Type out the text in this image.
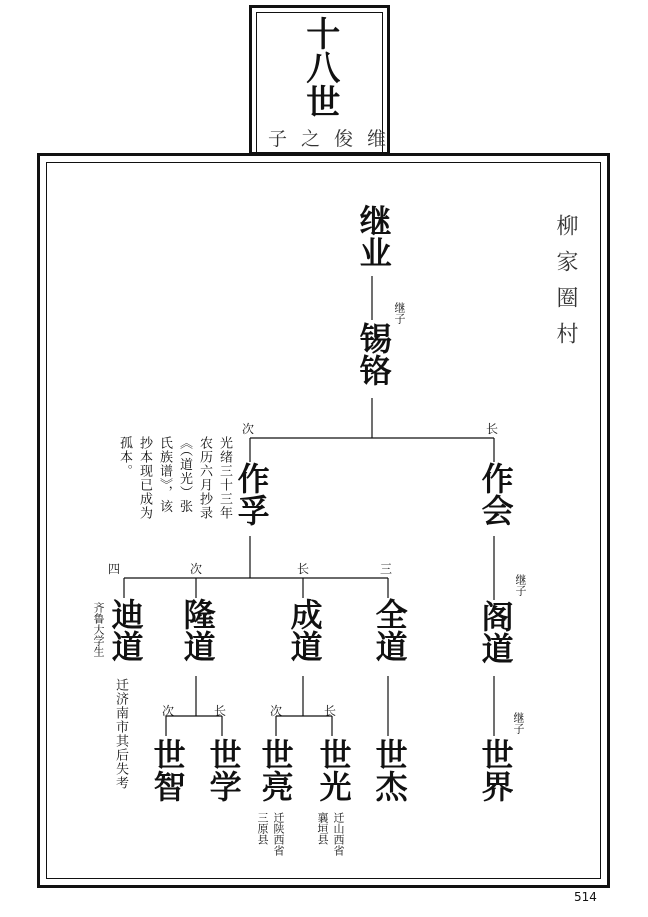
十八世
子之俊维
柳家圈村
继业
继子
锡铬
次	长
作孚	作会
光绪三十三年
农历六月抄录
《（道光）张
氏族谱》，该
抄本现已成为
孤本。
四	次	长	三
迪道
齐鲁大学生
迁济南市其后失考
隆道 成道 全道
继子
阁道
次	长	次	长
继子
世智 世学 世亮 世光 世杰 世界
迁陕西省
三原县	迁山西省
襄垣县
514
